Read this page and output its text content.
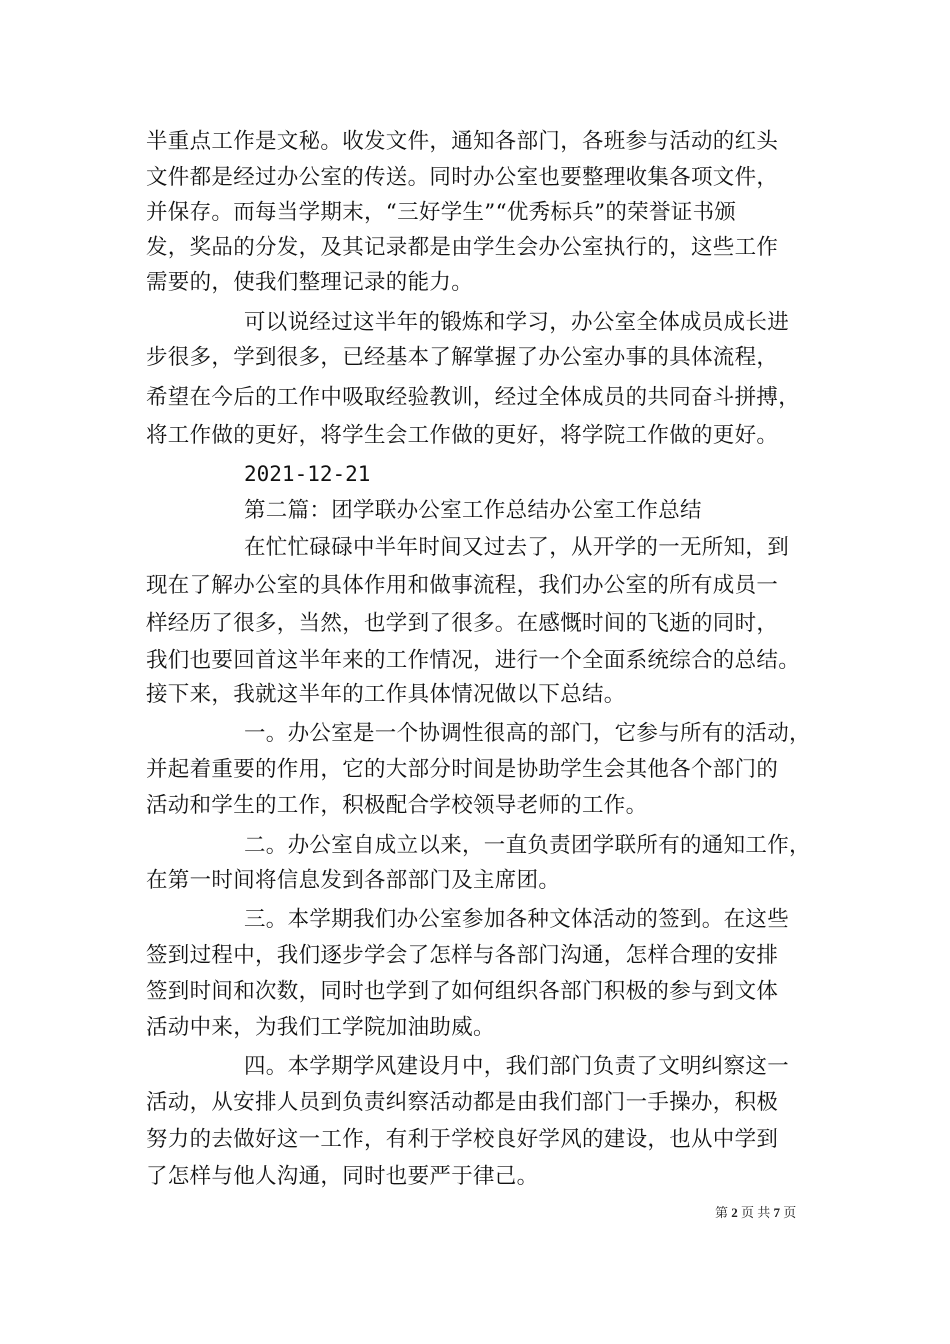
半重点工作是文秘。收发文件，通知各部门，各班参与活动的红头
文件都是经过办公室的传送。同时办公室也要整理收集各项文件，
并保存。而每当学期末，“三好学生”“优秀标兵”的荣誉证书颁
发，奖品的分发，及其记录都是由学生会办公室执行的，这些工作
需要的，使我们整理记录的能力。
可以说经过这半年的锻炼和学习，办公室全体成员成长进
步很多，学到很多，已经基本了解掌握了办公室办事的具体流程，
希望在今后的工作中吸取经验教训，经过全体成员的共同奋斗拼搏，
将工作做的更好，将学生会工作做的更好，将学院工作做的更好。
2021-12-21
第二篇：团学联办公室工作总结办公室工作总结
在忙忙碌碌中半年时间又过去了，从开学的一无所知，到
现在了解办公室的具体作用和做事流程，我们办公室的所有成员一
样经历了很多，当然，也学到了很多。在感慨时间的飞逝的同时，
我们也要回首这半年来的工作情况，进行一个全面系统综合的总结。
接下来，我就这半年的工作具体情况做以下总结。
一。办公室是一个协调性很高的部门，它参与所有的活动，
并起着重要的作用，它的大部分时间是协助学生会其他各个部门的
活动和学生的工作，积极配合学校领导老师的工作。
二。办公室自成立以来，一直负责团学联所有的通知工作，
在第一时间将信息发到各部部门及主席团。
三。本学期我们办公室参加各种文体活动的签到。在这些
签到过程中，我们逐步学会了怎样与各部门沟通，怎样合理的安排
签到时间和次数，同时也学到了如何组织各部门积极的参与到文体
活动中来，为我们工学院加油助威。
四。本学期学风建设月中，我们部门负责了文明纠察这一
活动，从安排人员到负责纠察活动都是由我们部门一手操办，积极
努力的去做好这一工作，有利于学校良好学风的建设，也从中学到
了怎样与他人沟通，同时也要严于律己。
第 2 页 共 7 页
